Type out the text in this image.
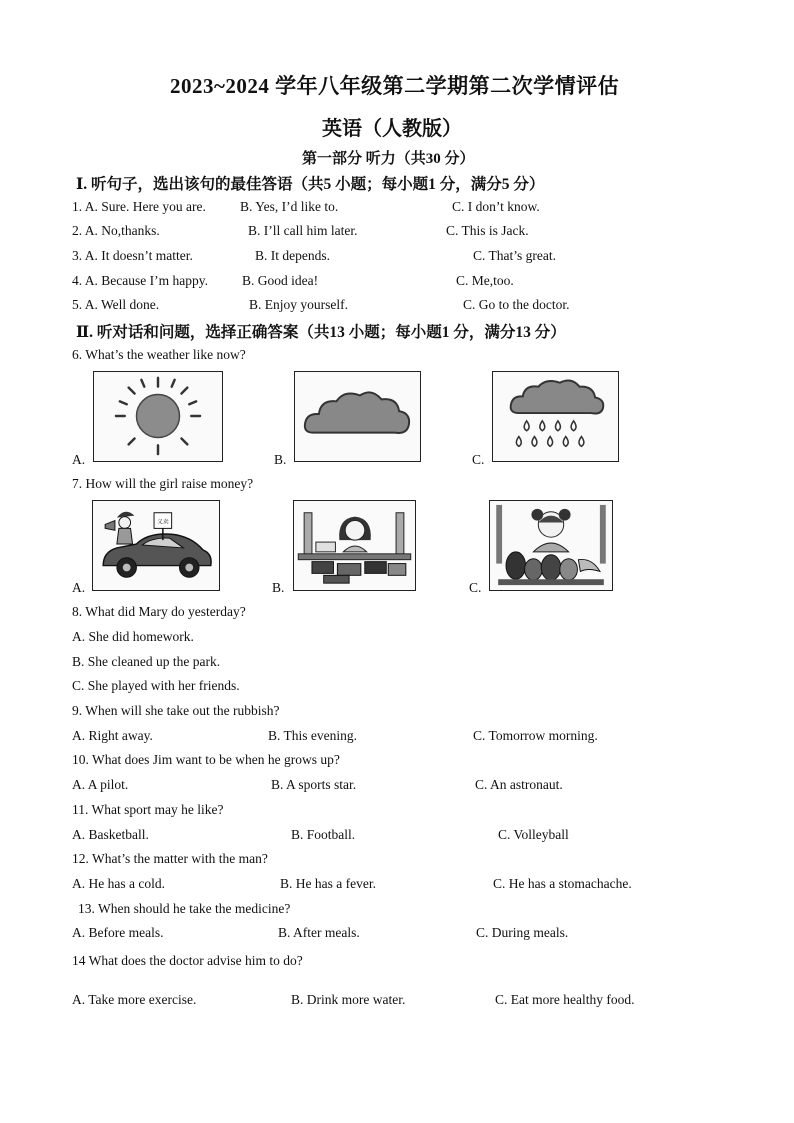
2023~2024 学年八年级第二学期第二次学情评估
英语（人教版）
第一部分 听力（共30 分）
Ⅰ. 听句子，选出该句的最佳答语（共5 小题；每小题1 分，满分5 分）
1. A. Sure. Here you are.	B. Yes, I’d like to.	C. I don’t know.
2. A. No,thanks.	B. I’ll call him later.	C. This is Jack.
3. A. It doesn’t matter.	B. It depends.	C. That’s great.
4. A. Because I’m happy.	B. Good idea!	C. Me,too.
5. A. Well done.	B. Enjoy yourself.	C. Go to the doctor.
Ⅱ. 听对话和问题，选择正确答案（共13 小题；每小题1 分，满分13 分）
6. What’s the weather like now?
A.	B.	C.
7. How will the girl raise money?
A.
义卖
B.	C.
8. What did Mary do yesterday?
A. She did homework.
B. She cleaned up the park.
C. She played with her friends.
9. When will she take out the rubbish?
A. Right away.	B. This evening.	C. Tomorrow morning.
10. What does Jim want to be when he grows up?
A. A pilot.	B. A sports star.	C. An astronaut.
11. What sport may he like?
A. Basketball.	B. Football.	C. Volleyball
12. What’s the matter with the man?
A. He has a cold.	B. He has a fever.	C. He has a stomachache.
13. When should he take the medicine?
A. Before meals.	B. After meals.	C. During meals.
14 What does the doctor advise him to do?
A. Take more exercise.	B. Drink more water.	C. Eat more healthy food.
